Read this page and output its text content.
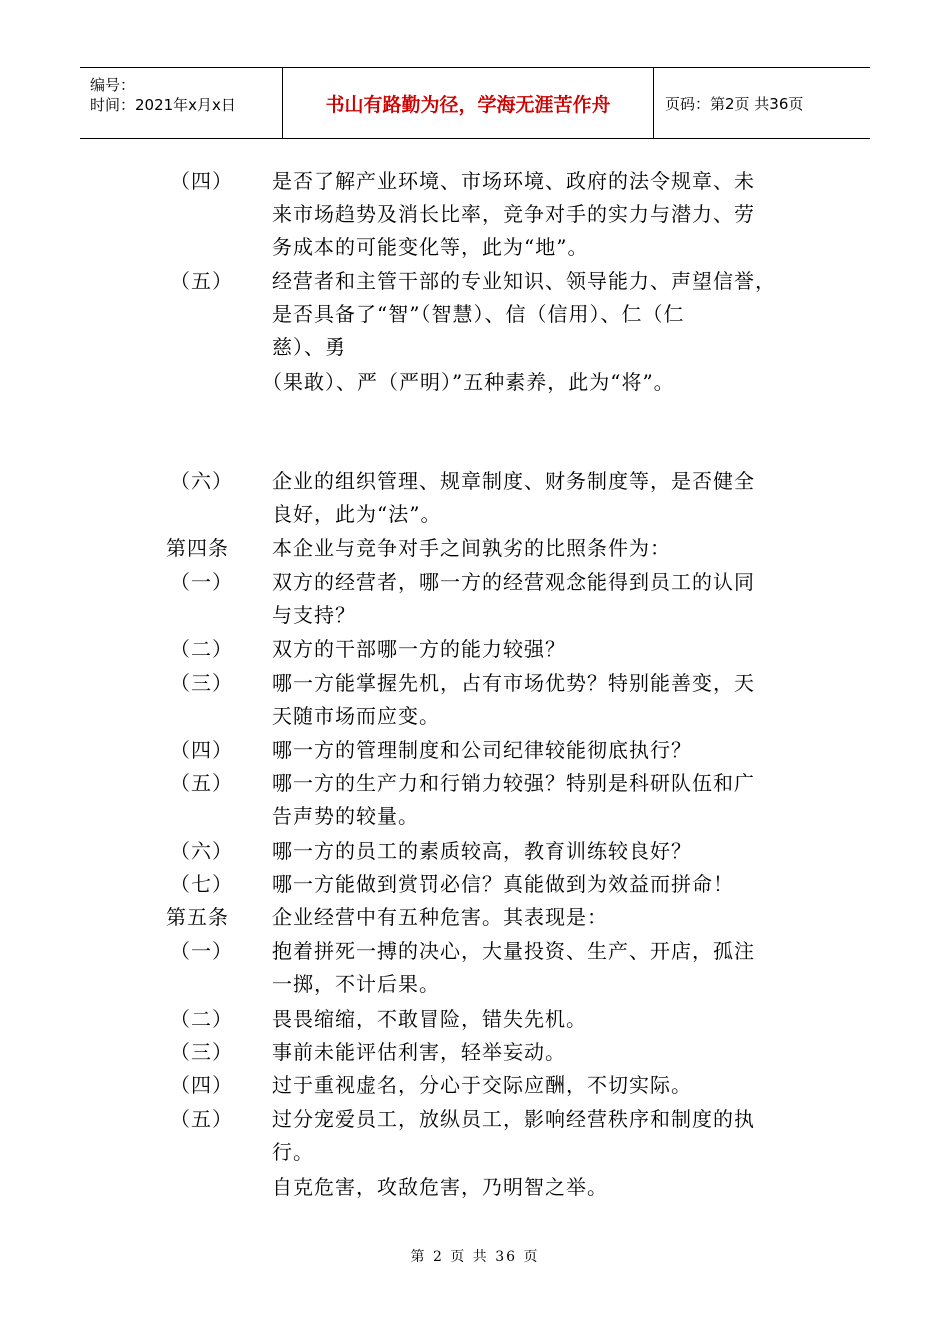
编号：
时间：2021年x月x日	书山有路勤为径，学海无涯苦作舟	页码：第2页 共36页
（四） 是否了解产业环境、市场环境、政府的法令规章、未
来市场趋势及消长比率，竞争对手的实力与潜力、劳
务成本的可能变化等，此为“地”。
（五） 经营者和主管干部的专业知识、领导能力、声望信誉，
是否具备了“智”（智慧）、信（信用）、仁（仁
慈）、勇
（果敢）、严（严明）”五种素养，此为“将”。
（六） 企业的组织管理、规章制度、财务制度等，是否健全
良好，此为“法”。
第四条 本企业与竞争对手之间孰劣的比照条件为：
（一） 双方的经营者，哪一方的经营观念能得到员工的认同
与支持？
（二） 双方的干部哪一方的能力较强？
（三） 哪一方能掌握先机，占有市场优势？特别能善变，天
天随市场而应变。
（四） 哪一方的管理制度和公司纪律较能彻底执行？
（五） 哪一方的生产力和行销力较强？特别是科研队伍和广
告声势的较量。
（六） 哪一方的员工的素质较高，教育训练较良好？
（七） 哪一方能做到赏罚必信？真能做到为效益而拼命！
第五条 企业经营中有五种危害。其表现是：
（一） 抱着拼死一搏的决心，大量投资、生产、开店，孤注
一掷，不计后果。
（二） 畏畏缩缩，不敢冒险，错失先机。
（三） 事前未能评估利害，轻举妄动。
（四） 过于重视虚名，分心于交际应酬，不切实际。
（五） 过分宠爱员工，放纵员工，影响经营秩序和制度的执
行。
自克危害，攻敌危害，乃明智之举。
第 2 页 共 36 页
